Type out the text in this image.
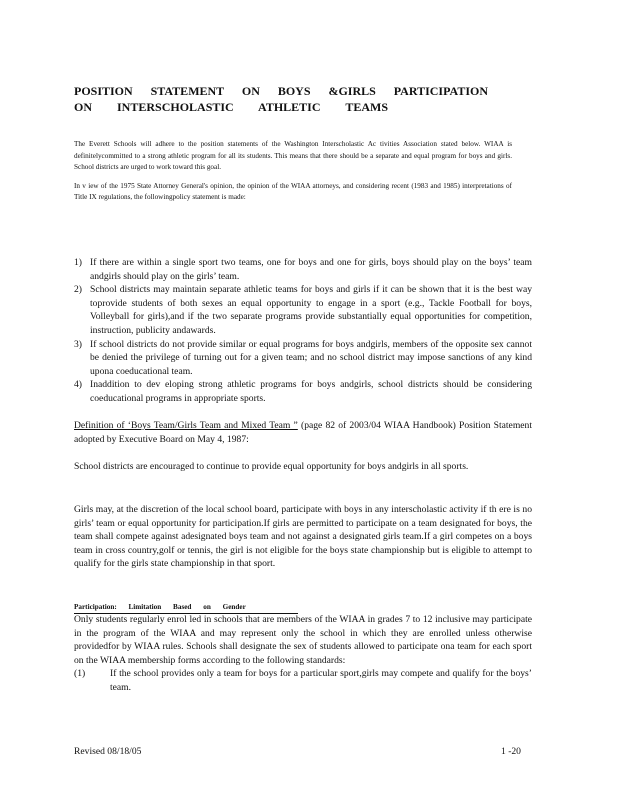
POSITION STATEMENT ON BOYS &GIRLS PARTICIPATION
ON INTERSCHOLASTIC ATHLETIC TEAMS

The Everett Schools will adhere to the position statements of the Washington Interscholastic Ac tivities Association stated below. WIAA is definitelycommitted to a strong athletic program for all its students. This means that there should be a separate and equal program for boys and girls. School districts are urged to work toward this goal.

In v iew of the 1975 State Attorney General's opinion, the opinion of the WIAA attorneys, and considering recent (1983 and 1985) interpretations of Title IX regulations, the followingpolicy statement is made:

1) If there are within a single sport two teams, one for boys and one for girls, boys should play on the boys’ team andgirls should play on the girls’ team.
2) School districts may maintain separate athletic teams for boys and girls if it can be shown that it is the best way toprovide students of both sexes an equal opportunity to engage in a sport (e.g., Tackle Football for boys, Volleyball for girls),and if the two separate programs provide substantially equal opportunities for competition, instruction, publicity andawards.
3) If school districts do not provide similar or equal programs for boys andgirls, members of the opposite sex cannot be denied the privilege of turning out for a given team; and no school district may impose sanctions of any kind upona coeducational team.
4) Inaddition to dev eloping strong athletic programs for boys andgirls, school districts should be considering coeducational programs in appropriate sports.
Definition of ‘Boys Team/Girls Team and Mixed Team ” (page 82 of 2003/04 WIAA Handbook) Position Statement adopted by Executive Board on May 4, 1987:
School districts are encouraged to continue to provide equal opportunity for boys andgirls in all sports.
Girls may, at the discretion of the local school board, participate with boys in any interscholastic activity if th ere is no girls’ team or equal opportunity for participation.If girls are permitted to participate on a team designated for boys, the team shall compete against adesignated boys team and not against a designated girls team.If a girl competes on a boys team in cross country,golf or tennis, the girl is not eligible for the boys state championship but is eligible to attempt to qualify for the girls state championship in that sport.
Participation: Limitation Based on Gender
Only students regularly enrol led in schools that are members of the WIAA in grades 7 to 12 inclusive may participate in the program of the WIAA and may represent only the school in which they are enrolled unless otherwise providedfor by WIAA rules. Schools shall designate the sex of students allowed to participate ona team for each sport on the WIAA membership forms according to the following standards:
(1)	If the school provides only a team for boys for a particular sport,girls may compete and qualify for the boys’ team.
Revised 08/18/05	1 -20
